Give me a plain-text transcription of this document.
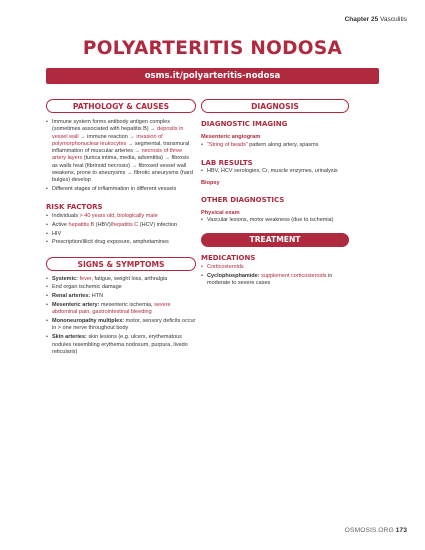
Chapter 25 Vasculitis
POLYARTERITIS NODOSA
osms.it/polyarteritis-nodosa
PATHOLOGY & CAUSES
• Immune system forms antibody antigen complex (sometimes associated with hepatitis B) → deposits in vessel wall → immune reaction → invasion of polymorphonuclear leukocytes → segmental, transmural inflammation of muscular arteries → necrosis of three artery layers (tunica intima, media, adventitia) → fibrosis as walls heal (fibrinoid necrosis) → fibrosed vessel wall weakens, prone to aneurysms → fibrotic aneurysms (hard bulges) develop
• Different stages of inflammation in different vessels
RISK FACTORS
• Individuals > 40 years old, biologically male
• Active hepatitis B (HBV)/hepatitis C (HCV) infection
• HIV
• Prescription/illicit drug exposure, amphetamines
SIGNS & SYMPTOMS
• Systemic: fever, fatigue, weight loss, arthralgia
• End organ ischemic damage
• Renal arteries: HTN
• Mesenteric artery: mesenteric ischemia, severe abdominal pain, gastrointestinal bleeding
• Mononeuropathy multiplex: motor, sensory deficits occur in > one nerve throughout body
• Skin arteries: skin lesions (e.g. ulcers, erythematous nodules resembling erythema nodosum, purpura, livedo reticularis)
DIAGNOSIS
DIAGNOSTIC IMAGING
Mesenteric angiogram
• “String of beads” pattern along artery, spasms
LAB RESULTS
• HBV, HCV serologies, Cr, muscle enzymes, urinalysis
Biopsy
OTHER DIAGNOSTICS
Physical exam
• Vascular lesions, motor weakness (due to ischemia)
TREATMENT
MEDICATIONS
• Corticosteroids
• Cyclophosphamide: supplement corticosteroids in moderate to severe cases
OSMOSIS.ORG 173
